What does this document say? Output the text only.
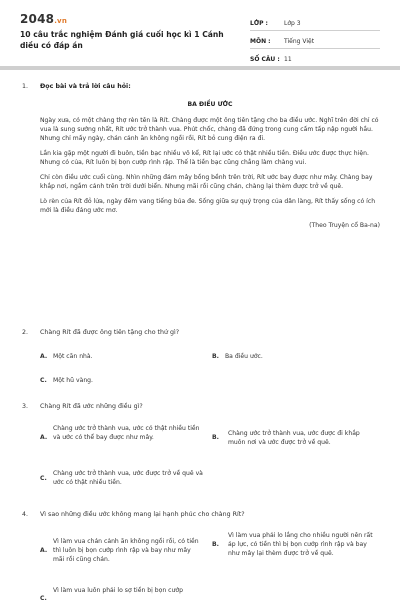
2048.vn
10 câu trắc nghiệm Đánh giá cuối học kì 1 Cánh diều có đáp án
LỚP :	Lớp 3
MÔN :	Tiếng Việt
SỐ CÂU : 11
1. Đọc bài và trả lời câu hỏi:
BA ĐIỀU ƯỚC

Ngày xưa, có một chàng thợ rèn tên là Rít. Chàng được một ông tiên tặng cho ba điều ước. Nghĩ trên đời chỉ có vua là sung sướng nhất, Rít ước trở thành vua. Phút chốc, chàng đã đứng trong cung cấm tấp nập người hầu. Nhưng chỉ mấy ngày, chán cảnh ăn không ngồi rồi, Rít bỏ cung điện ra đi.

Lần kia gặp một người đi buôn, tiền bạc nhiều vô kể, Rít lại ước có thật nhiều tiền. Điều ước được thực hiện. Nhưng có của, Rít luôn bị bọn cướp rình rập. Thế là tiền bạc cũng chẳng làm chàng vui.

Chỉ còn điều ước cuối cùng. Nhìn những đám mây bồng bềnh trên trời, Rít ước bay được như mây. Chàng bay khắp nơi, ngắm cảnh trên trời dưới biển. Nhưng mãi rồi cũng chán, chàng lại thèm được trở về quê.

Lò rèn của Rít đỏ lửa, ngày đêm vang tiếng búa đe. Sống giữa sự quý trọng của dân làng, Rít thấy sống có ích mới là điều đáng ước mơ.

(Theo Truyện cổ Ba-na)
2. Chàng Rít đã được ông tiên tặng cho thứ gì?
A. Một căn nhà.	B. Ba điều ước.
C. Một hũ vàng.
3. Chàng Rít đã ước những điều gì?
A.
Chàng ước trở thành vua, ước có thật nhiều tiền và ước có thể bay được như mây.	B.
Chàng ước trở thành vua, ước được đi khắp muôn nơi và ước được trở về quê.
C.
Chàng ước trở thành vua, ước được trở về quê và ước có thật nhiều tiền.
4. Vì sao những điều ước không mang lại hạnh phúc cho chàng Rít?
A.
Vì làm vua chán cảnh ăn không ngồi rồi, có tiền thì luôn bị bọn cướp rình rập và bay như mây mãi rồi cũng chán.
B.
Vì làm vua phải lo lắng cho nhiều người nên rất áp lực, có tiền thì bị bọn cướp rình rập và bay như mây lại thèm được trở về quê.
C.
Vì làm vua luôn phải lo sợ tiền bị bọn cướp
